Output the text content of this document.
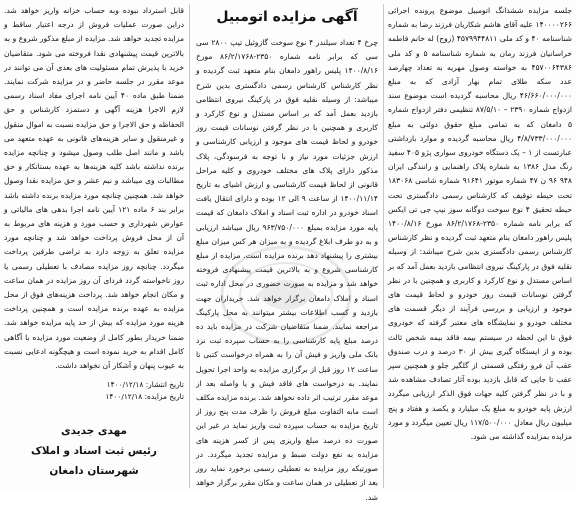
جلسه مزایده ششدانگ اتومبیل موضوع پرونده اجرائی ۱۴۰۰۰۰۲۶۶ علیه آقای هاشم شکاریان فرزند رضا به شماره شناسنامه ۴۰ و کد ملی ۴۵۷۹۹۴۴۸۱۱ (زوج) له خانم فاطمه خراسانیان فرزند رمان به شماره شناسنامه ۵ و کد ملی ۴۵۷۰۰۶۴۳۸۶ به خواسته وصول مهریه به تعداد چهارصد عدد سکه طلای تمام بهار آزادی که به مبلغ ۴۶/۶۶۰/۰۰۰/۰۰۰ ریال محاسبه گردیده است موضوع سند ازدواج شماره ۲۳۹۰ – ۸۷/۵/۱۰ تنظیمی دفتر ازدواج شماره ۵ دامغان که به تمامی مبلغ حقوق دولتی به مبلغ ۴/۸/۷۳۳/۰۰۰/۰۰۰ ریال محاسبه گردیده و موارد بازداشتی عبارتست از ۱ – یک دستگاه خودروی سواری پژو ۴۰۵ سفید رنگ مدل ۱۳۸۶ به شماره پلاک راهنمایی و رانندگی ایران ۹۴۸ ۹۶ ن ۴۷ شماره موتور ۹۱۶۴۱ شماره شاسی ۱۸۳۰۶۸ تحت حیطه توقیف که کارشناس رسمی دادگستری تحت حیطه تحقیق ۴ نوع سوخت دوگانه سوز نیپ جی تی ایکس که برابر نامه شماره ۲۳۵۰-۸۶/۲/۱۷۶۸ مورخ ۱۴۰۰/۸/۱۶ پلیس راهور دامغان بنام متعهد ثبت گردیده و نظر کارشناس کارشناس رسمی دادگستری بدین شرح میباشد: از وسیله نقلیه فوق در پارکینگ نیروی انتظامی بازدید بعمل آمد که بر اساس مستدل و نوع کارکرد و کاربری و همچنین با در نظر گرفتن نوسانات قیمت روز خودرو و لحاظ قیمت های موجود و ارزیابی و بررسی فرآیند از دیگر قسمت های مختلف خودرو و نمایشگاه های معتبر گرفته که خودروی فوق تا این لحظه در سیستم بیمه فاقد بیمه شخص ثالث بوده و از ایستگاه گیری بیش از ۳۰ درصد و درب صندوق عقب آن فرو رفتگی قسمتی از گلگیر جلو و همچنین سپر عقب تا جایی که قابل بازدید بوده آثار تصادف مشاهده شد و با در نظر گرفتن کلیه جهات فوق الذکر ارزیابی میگردد ارزش پایه خودرو به مبلغ یک میلیارد و یکصد و هفتاد و پنج میلیون ریال معادل ۱۱۷/۵۰۰/۰۰۰ ریال تعیین میگردد و مورد مزایده بمزایده گذاشته می شود.

آگهی مزایده اتومبیل

چرخ ۴ تعداد سیلندر ۴ نوع سوخت گازوئیل تیپ ۲۸۰۰ سی سی که برابر نامه شماره ۲۳۵۰-۸۶/۲/۱۷۶۸ مورخ ۱۴۰۰/۸/۱۶ پلیس راهور دامغان بنام متعهد ثبت گردیده و نظر کارشناس کارشناس رسمی دادگستری بدین شرح میباشد: از وسیله نقلیه فوق در پارکینگ نیروی انتظامی بازدید بعمل آمد که بر اساس مستدل و نوع کارکرد و کاربری و همچنین با در نظر گرفتن نوسانات قیمت روز خودرو و لحاظ قیمت های موجود و ارزیابی کارشناسی و ارزش جزئیات مورد نیاز و با توجه به فرسودگی، پلاک مذکور دارای پلاک های مختلف خودروی و کلیه مراحل قانونی از لحاظ قیمت کارشناسی و ارزش اشیای به تاریخ ۱۴۰۰/۱۱/۱۴ از ساعت ۹ الی ۱۲ بوده و دارای انتقال یافت اسناد خودرو در اداره ثبت اسناد و املاک دامغان که قیمت پایه مورد مزایده بمبلغ ۹۶۳/۷۵۰/۰۰۰ ریال میباشد ارزیابی و به دو طرف ابلاغ گردیده و به میزان هر کس میزان مبلغ بیشتری را پیشنهاد دهد برنده مزایده است. مزایده از مبلغ کارشناسی شروع و به بالاترین قیمت پیشنهادی فروخته خواهد شد و مزایده به صورت حضوری در محل اداره ثبت اسناد و املاک دامغان برگزار خواهد شد. خریداران جهت بازدید و کسب اطلاعات بیشتر میتوانند به محل پارکینگ مراجعه نمایند. ضمنا متقاضیان شرکت در مزایده باید ده درصد مبلغ پایه کارشناسی را به حساب سپرده ثبت نزد بانک ملی واریز و فیش آن را به همراه درخواست کتبی تا ساعت ۱۲ روز قبل از برگزاری مزایده به واحد اجرا تحویل نمایند. به درخواست های فاقد فیش و یا واصله بعد از موعد مقرر ترتیب اثر داده نخواهد شد. برنده مزایده مکلف است مابه التفاوت مبلغ فروش را ظرف مدت پنج روز از تاریخ مزایده به حساب سپرده ثبت واریز نماید در غیر این صورت ده درصد مبلغ واریزی پس از کسر هزینه های مزایده به نفع دولت ضبط و مزایده تجدید میگردد. در صورتیکه روز مزایده به تعطیلی رسمی برخورد نماید روز بعد از تعطیلی در همان ساعت و مکان مقرر برگزار خواهد شد.

قابل استرداد نبوده وبه حساب خزانه واریز خواهد شد. دراین صورت عملیات فروش از درجه اعتبار ساقط و مزایده تجدید خواهد شد. مزایده از مبلغ مذکور شروع و به بالاترین قیمت پیشنهادی نقدا فروخته می شود. متقاضیان خرید با پذیرش تمام مسئولیت های بعدی آن می توانند در موعد مقرر در جلسه حاضر و در مزایده شرکت نمایند. ضمنا طبق ماده ۴۰ آیین نامه اجرای مفاد اسناد رسمی لازم الاجرا هزینه آگهی و دستمزد کارشناس و حق الحفاظه و حق الاجرا و حق مزایده نسبت به اموال منقول و غیرمنقول و سایر هزینه‌های قانونی به عهده متعهد می باشد و مانند اصل طلب وصول میشود و چنانچه مزایده برنده نداشته باشد کلیه هزینه‌ها به عهده بستانکار و حق مطالبات وی میباشد و نیم عشر و حق مزایده نقدا وصول خواهد شد. همچنین چنانچه مورد مزایده برنده داشته باشد برابر بند ۶ ماده ۱۲۱ آیین نامه اجرا بدهی های مالیاتی و عوارض شهرداری و حسب مورد و هزینه های مربوط به آن از محل فروش پرداخت خواهد شد و چنانچه مورد مزایده تعلق به زوجه دارد به تراضی طرفین پرداخت میگردد. چنانچه روز مزایده مصادف با تعطیلی رسمی یا روز ناخواسته گردد فردای آن روز مزایده در همان ساعت و مکان انجام خواهد شد. پرداخت هزینه‌های فوق از محل مزایده به عهده برنده مزایده است و همچنین پرداخت هزینه مورد مزایده که بیش از حد پایه مزایده خواهد شد. ضمنا خریدار بطور کامل از وضعیت مورد مزایده با آگاهی کامل اقدام به خرید نموده است و هیچگونه ادعایی نسبت به عیوب پنهان و آشکار آن نخواهد داشت.

تاریخ انتشار: ۱۴۰۰/۱۲/۱۸
تاریخ مزایده: ۱۴۰۰/۱۲/۱۸
مهدی جدیدی
رئیس ثبت اسناد و املاک
شهرستان دامغان
